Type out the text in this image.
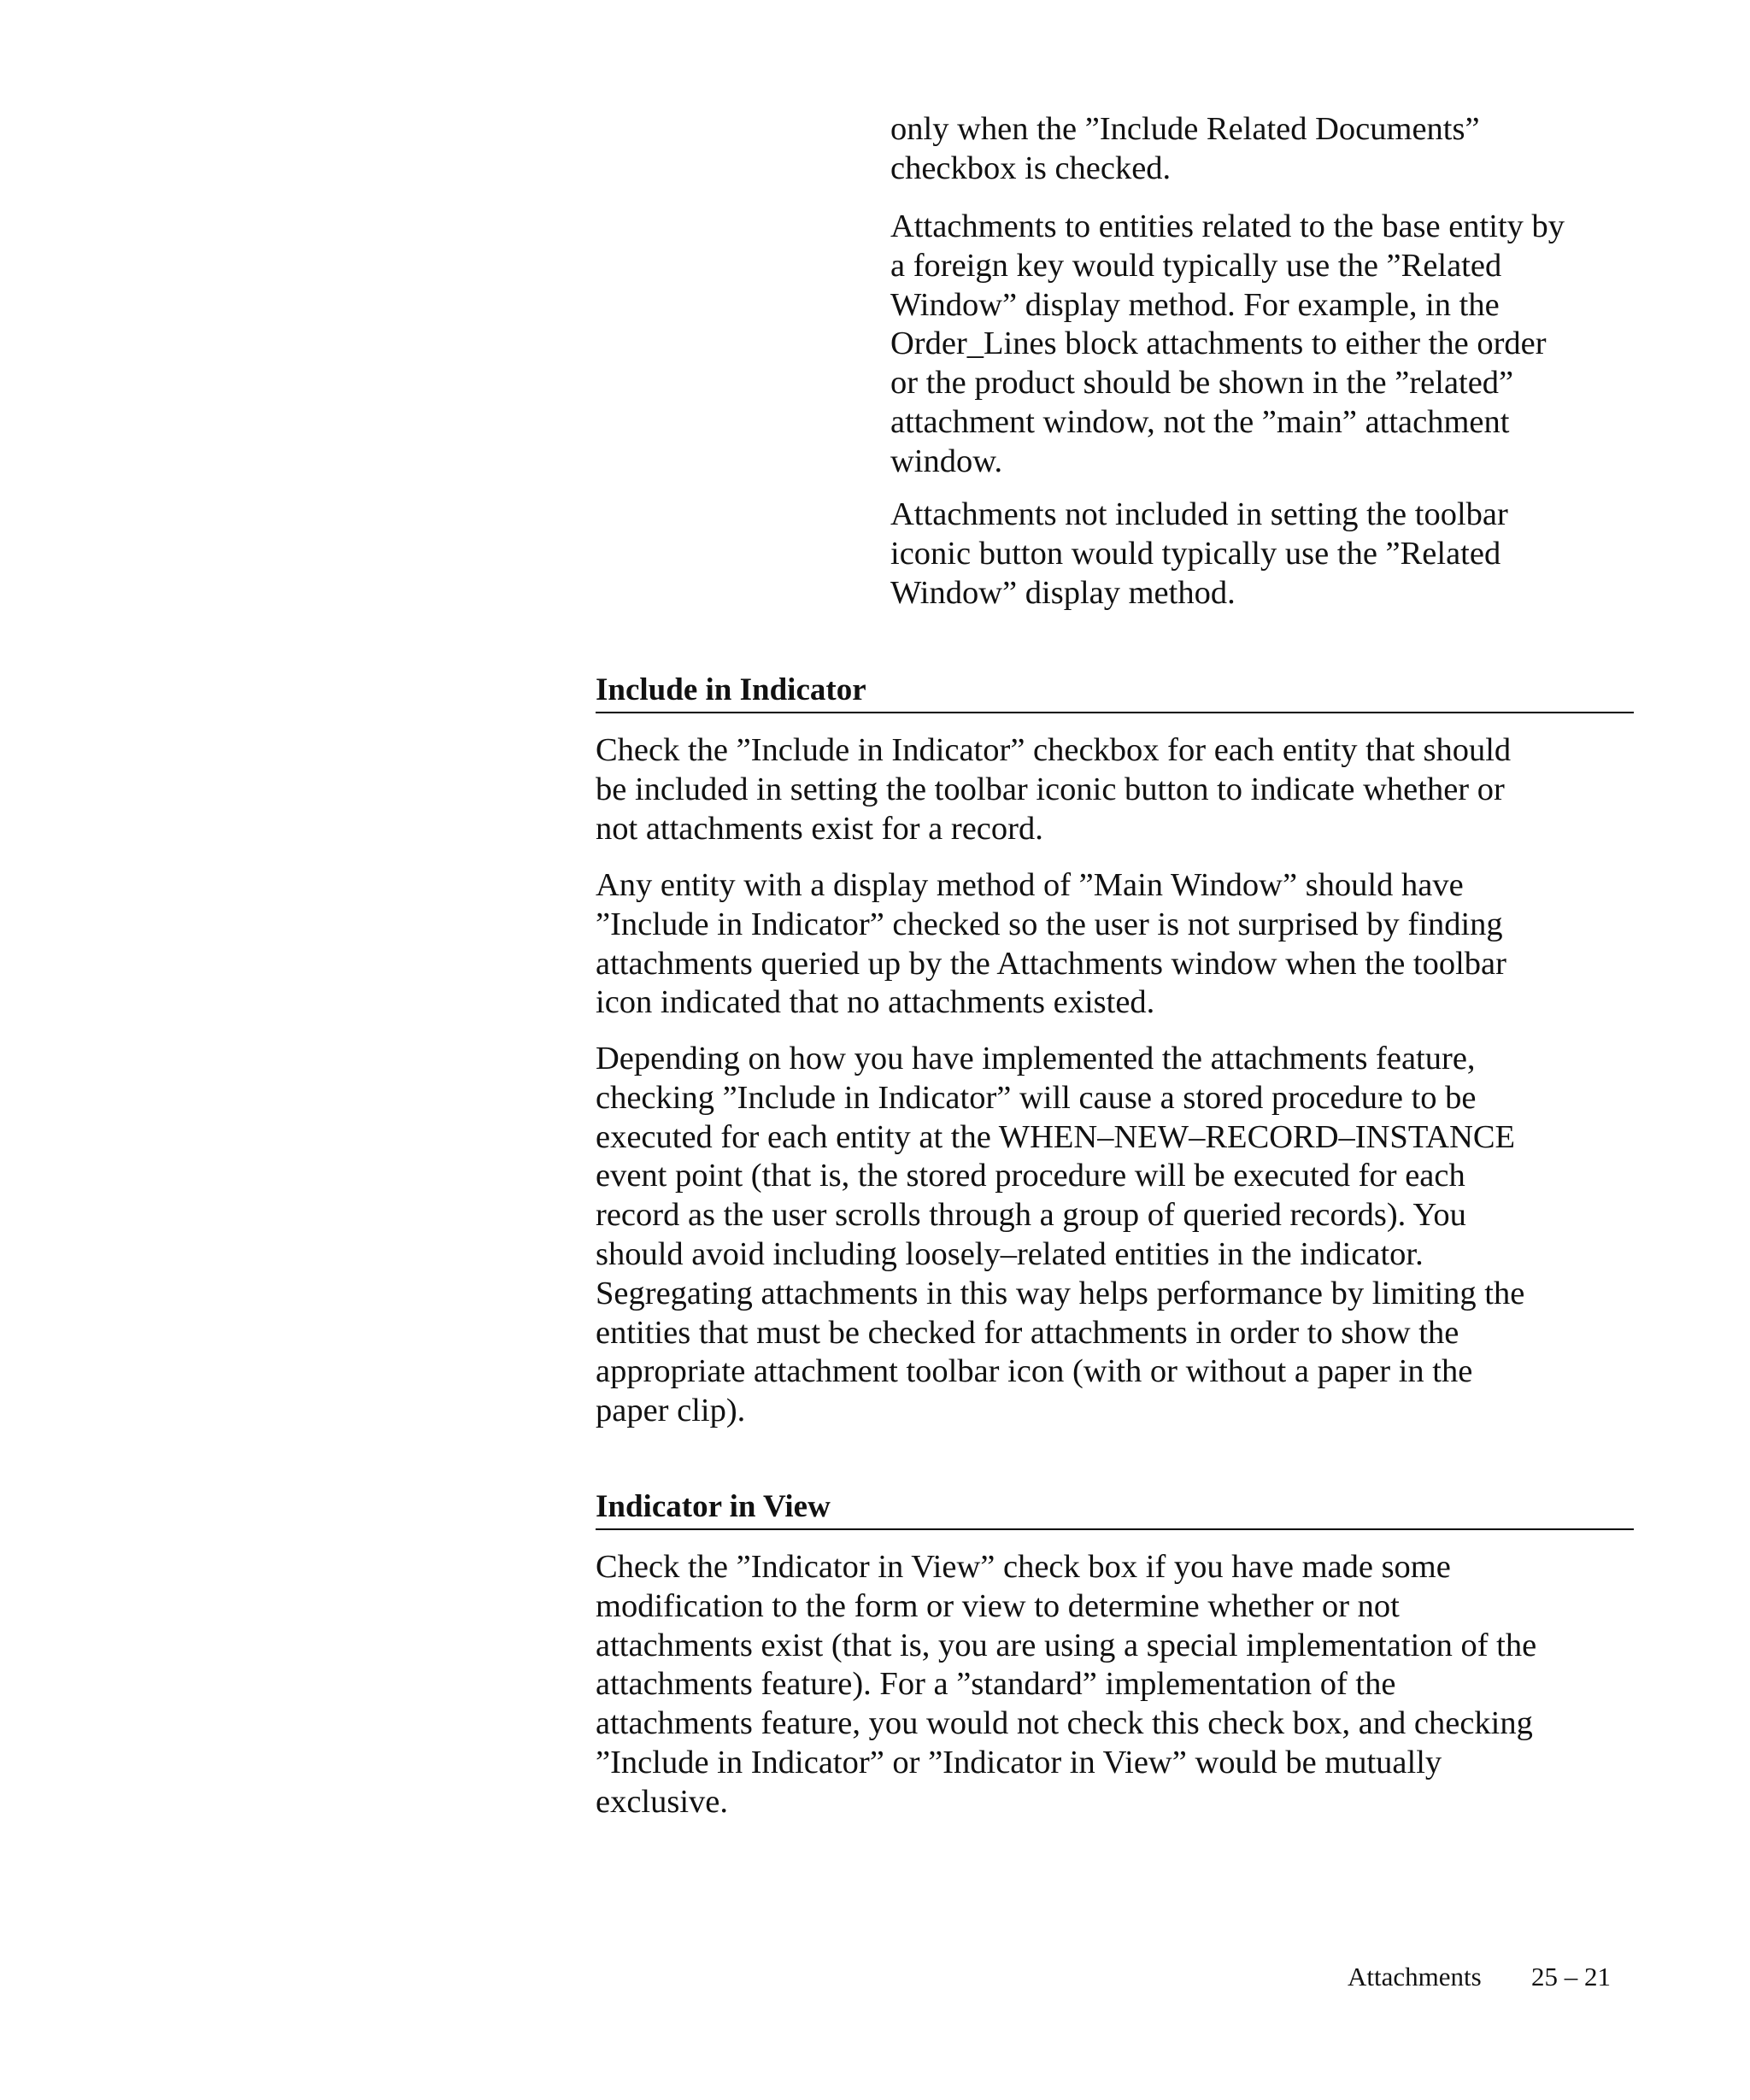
only when the ”Include Related Documents”
checkbox is checked.
Attachments to entities related to the base entity by
a foreign key would typically use the ”Related
Window” display method. For example, in the
Order_Lines block attachments to either the order
or the product should be shown in the ”related”
attachment window, not the ”main” attachment
window.
Attachments not included in setting the toolbar
iconic button would typically use the ”Related
Window” display method.
Include in Indicator
Check the ”Include in Indicator” checkbox for each entity that should
be included in setting the toolbar iconic button to indicate whether or
not attachments exist for a record.
Any entity with a display method of ”Main Window” should have
”Include in Indicator” checked so the user is not surprised by finding
attachments queried up by the Attachments window when the toolbar
icon indicated that no attachments existed.
Depending on how you have implemented the attachments feature,
checking ”Include in Indicator” will cause a stored procedure to be
executed for each entity at the WHEN–NEW–RECORD–INSTANCE
event point (that is, the stored procedure will be executed for each
record as the user scrolls through a group of queried records). You
should avoid including loosely–related entities in the indicator.
Segregating attachments in this way helps performance by limiting the
entities that must be checked for attachments in order to show the
appropriate attachment toolbar icon (with or without a paper in the
paper clip).
Indicator in View
Check the ”Indicator in View” check box if you have made some
modification to the form or view to determine whether or not
attachments exist (that is, you are using a special implementation of the
attachments feature). For a ”standard” implementation of the
attachments feature, you would not check this check box, and checking
”Include in Indicator” or ”Indicator in View” would be mutually
exclusive.
Attachments 25 – 21
